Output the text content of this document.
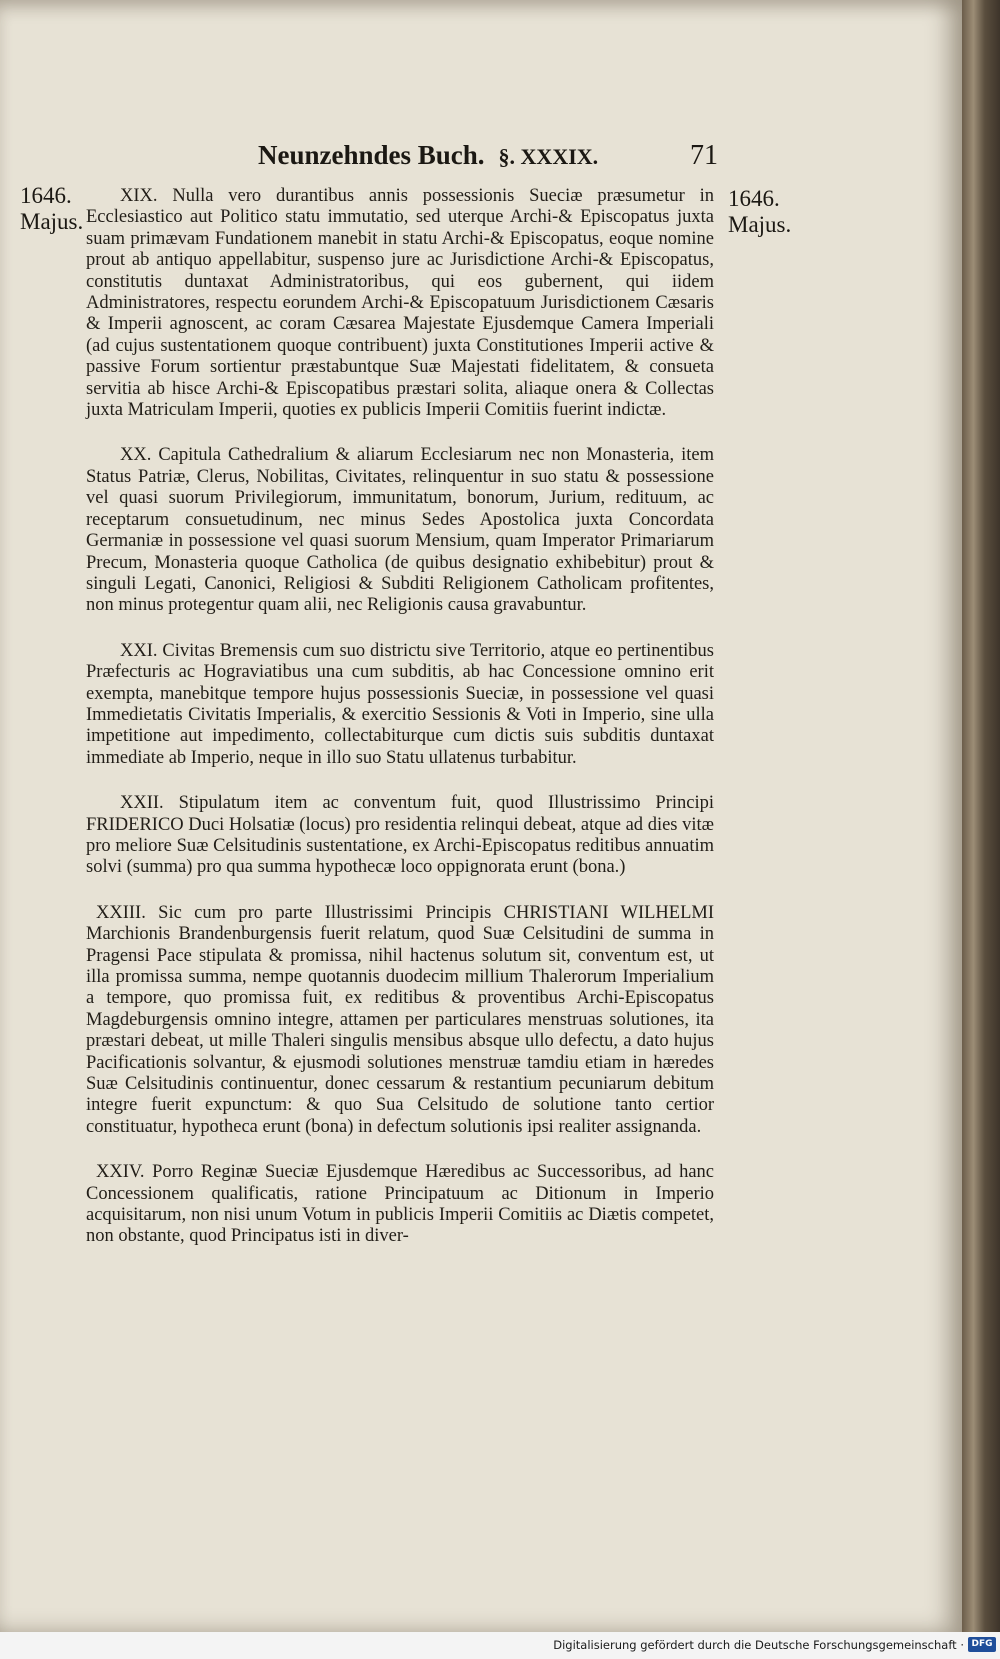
Neunzehndes Buch. §. XXXIX.	71
1646.
Majus.
1646.
Majus.

XIX. Nulla vero durantibus annis possessionis Sueciæ præsumetur in Ecclesiastico aut Politico statu immutatio, sed uterque Archi-& Episcopatus juxta suam primævam Fundationem manebit in statu Archi-& Episcopatus, eoque nomine prout ab antiquo appellabitur, suspenso jure ac Jurisdictione Archi-& Episcopatus, constitutis duntaxat Administratoribus, qui eos gubernent, qui iidem Administratores, respectu eorundem Archi-& Episcopatuum Jurisdictionem Cæsaris & Imperii agnoscent, ac coram Cæsarea Majestate Ejusdemque Camera Imperiali (ad cujus sustentationem quoque contribuent) juxta Constitutiones Imperii active & passive Forum sortientur præstabuntque Suæ Majestati fidelitatem, & consueta servitia ab hisce Archi-& Episcopatibus præstari solita, aliaque onera & Collectas juxta Matriculam Imperii, quoties ex publicis Imperii Comitiis fuerint indictæ.

XX. Capitula Cathedralium & aliarum Ecclesiarum nec non Monasteria, item Status Patriæ, Clerus, Nobilitas, Civitates, relinquentur in suo statu & possessione vel quasi suorum Privilegiorum, immunitatum, bonorum, Jurium, redituum, ac receptarum consuetudinum, nec minus Sedes Apostolica juxta Concordata Germaniæ in possessione vel quasi suorum Mensium, quam Imperator Primariarum Precum, Monasteria quoque Catholica (de quibus designatio exhibebitur) prout & singuli Legati, Canonici, Religiosi & Subditi Religionem Catholicam profitentes, non minus protegentur quam alii, nec Religionis causa gravabuntur.

XXI. Civitas Bremensis cum suo districtu sive Territorio, atque eo pertinentibus Præfecturis ac Hograviatibus una cum subditis, ab hac Concessione omnino erit exempta, manebitque tempore hujus possessionis Sueciæ, in possessione vel quasi Immedietatis Civitatis Imperialis, & exercitio Sessionis & Voti in Imperio, sine ulla impetitione aut impedimento, collectabiturque cum dictis suis subditis duntaxat immediate ab Imperio, neque in illo suo Statu ullatenus turbabitur.

XXII. Stipulatum item ac conventum fuit, quod Illustrissimo Principi FRIDERICO Duci Holsatiæ (locus) pro residentia relinqui debeat, atque ad dies vitæ pro meliore Suæ Celsitudinis sustentatione, ex Archi-Episcopatus reditibus annuatim solvi (summa) pro qua summa hypothecæ loco oppignorata erunt (bona.)

XXIII. Sic cum pro parte Illustrissimi Principis CHRISTIANI WILHELMI Marchionis Brandenburgensis fuerit relatum, quod Suæ Celsitudini de summa in Pragensi Pace stipulata & promissa, nihil hactenus solutum sit, conventum est, ut illa promissa summa, nempe quotannis duodecim millium Thalerorum Imperialium a tempore, quo promissa fuit, ex reditibus & proventibus Archi-Episcopatus Magdeburgensis omnino integre, attamen per particulares menstruas solutiones, ita præstari debeat, ut mille Thaleri singulis mensibus absque ullo defectu, a dato hujus Pacificationis solvantur, & ejusmodi solutiones menstruæ tamdiu etiam in hæredes Suæ Celsitudinis continuentur, donec cessarum & restantium pecuniarum debitum integre fuerit expunctum: & quo Sua Celsitudo de solutione tanto certior constituatur, hypotheca erunt (bona) in defectum solutionis ipsi realiter assignanda.

XXIV. Porro Reginæ Sueciæ Ejusdemque Hæredibus ac Successoribus, ad hanc Concessionem qualificatis, ratione Principatuum ac Ditionum in Imperio acquisitarum, non nisi unum Votum in publicis Imperii Comitiis ac Diætis competet, non obstante, quod Principatus isti in diver-

Digitalisierung gefördert durch die Deutsche Forschungsgemeinschaft · DFG
